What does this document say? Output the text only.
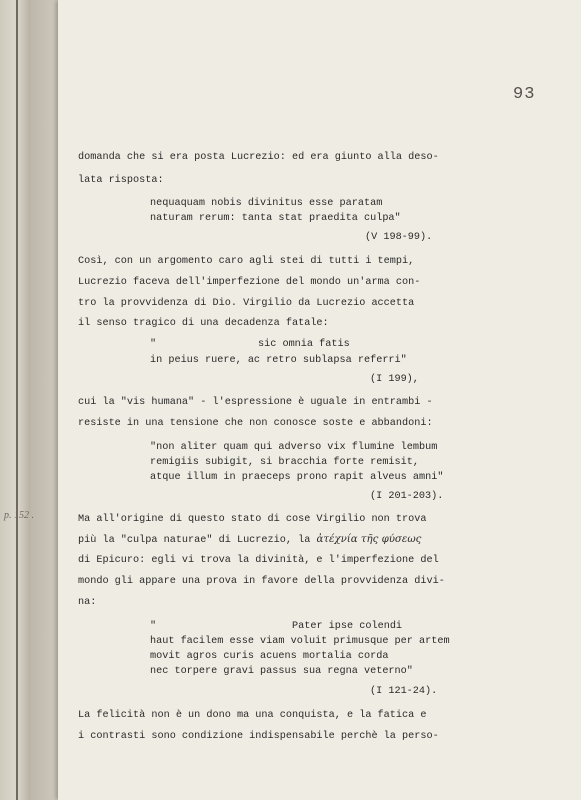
p. 152 .
93
domanda che si era posta Lucrezio: ed era giunto alla deso-
lata risposta:
nequaquam nobis divinitus esse paratam
naturam rerum: tanta stat praedita culpa"
(V 198-99).
Così, con un argomento caro agli stei di tutti i tempi,
Lucrezio faceva dell'imperfezione del mondo un'arma con-
tro la provvidenza di Dio. Virgilio da Lucrezio accetta
il senso tragico di una decadenza fatale:
"	sic omnia fatis
in peius ruere, ac retro sublapsa referri"
(I 199),
cui la "vis humana" - l'espressione è uguale in entrambi -
resiste in una tensione che non conosce soste e abbandoni:
"non aliter quam qui adverso vix flumine lembum
remigiis subigit, si bracchia forte remisit,
atque illum in praeceps prono rapit alveus amni"
(I 201-203).
Ma all'origine di questo stato di cose Virgilio non trova
più la "culpa naturae" di Lucrezio, la ἀτέχνία τῆς φύσεως
di Epicuro: egli vi trova la divinità, e l'imperfezione del
mondo gli appare una prova in favore della provvidenza divi-
na:
"	Pater ipse colendi
haut facilem esse viam voluit primusque per artem
movit agros curis acuens mortalia corda
nec torpere gravi passus sua regna veterno"
(I 121-24).
La felicità non è un dono ma una conquista, e la fatica e
i contrasti sono condizione indispensabile perchè la perso-
